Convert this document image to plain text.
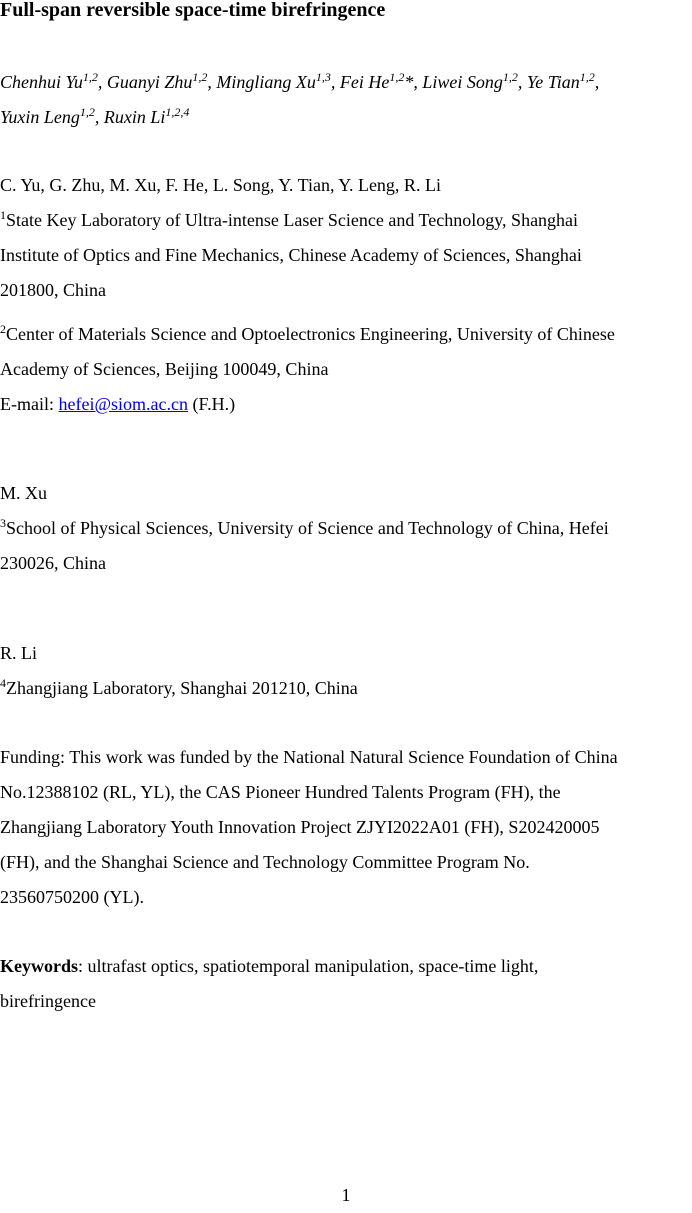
Full-span reversible space-time birefringence
Chenhui Yu$^{1,2}$, Guanyi Zhu$^{1,2}$, Mingliang Xu$^{1,3}$, Fei He$^{1,2}$*, Liwei Song$^{1,2}$, Ye Tian$^{1,2}$,
Yuxin Leng$^{1,2}$, Ruxin Li$^{1,2,4}$
C. Yu, G. Zhu, M. Xu, F. He, L. Song, Y. Tian, Y. Leng, R. Li
$^1$State Key Laboratory of Ultra-intense Laser Science and Technology, Shanghai
Institute of Optics and Fine Mechanics, Chinese Academy of Sciences, Shanghai
201800, China
$^2$Center of Materials Science and Optoelectronics Engineering, University of Chinese
Academy of Sciences, Beijing 100049, China
E-mail: hefei@siom.ac.cn (F.H.)
M. Xu
$^3$School of Physical Sciences, University of Science and Technology of China, Hefei
230026, China
R. Li
$^4$Zhangjiang Laboratory, Shanghai 201210, China
Funding: This work was funded by the National Natural Science Foundation of China
No.12388102 (RL, YL), the CAS Pioneer Hundred Talents Program (FH), the
Zhangjiang Laboratory Youth Innovation Project ZJYI2022A01 (FH), S202420005
(FH), and the Shanghai Science and Technology Committee Program No.
23560750200 (YL).
Keywords: ultrafast optics, spatiotemporal manipulation, space-time light,
birefringence
1
